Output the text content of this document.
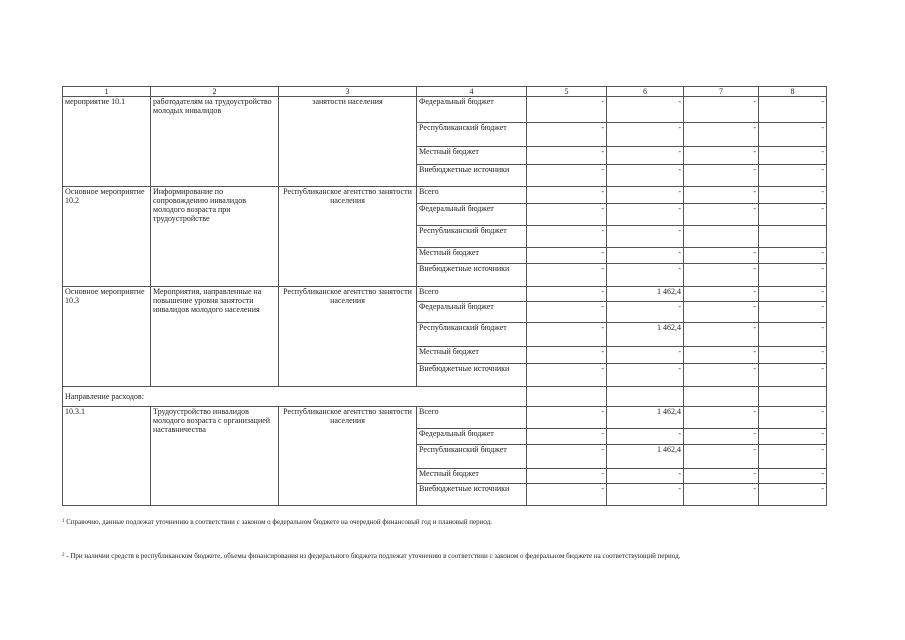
1	2	3	4	5	6	7	8
мероприятие 10.1	работодателям на трудоустройство молодых инвалидов	занятости населения	Федеральный бюджет	-	-	-	-
			Республиканский бюджет	-	-	-	-
			Местный бюджет	-	-	-	-
			Внебюджетные источники	-	-	-	-
Основное мероприятие 10.2	Информирование по сопровождению инвалидов молодого возраста при трудоустройстве	Республиканское агентство занятости населения	Всего	-	-	-	-
			Федеральный бюджет	-	-	-	-
			Республиканский бюджет	-	-		
			Местный бюджет	-	-	-	-
			Внебюджетные источники	-	-	-	-
Основное мероприятие 10.3	Мероприятия, направленные на повышение уровня занятости инвалидов молодого населения	Республиканское агентство занятости населения	Всего	-	1 462,4	-	-
			Федеральный бюджет	-	-	-	-
			Республиканский бюджет	-	1 462,4	-	-
			Местный бюджет	-	-	-	-
			Внебюджетные источники	-	-	-	-
Направление расходов:							
10.3.1	Трудоустройство инвалидов молодого возраста с организацией наставничества	Республиканское агентство занятости населения	Всего	-	1 462,4	-	-
			Федеральный бюджет	-	-	-	-
			Республиканский бюджет	-	1 462,4	-	-
			Местный бюджет	-	-	-	-
			Внебюджетные источники	-	-	-	-
$^1$ Справочно, данные подлежат уточнению в соответствии с законом о федеральном бюджете на очередной финансовый год и плановый период.
$^2$ - При наличии средств в республиканском бюджете, объемы финансирования из федерального бюджета подлежат уточнению в соответствии с законом о федеральном бюджете на соответствующий период.
